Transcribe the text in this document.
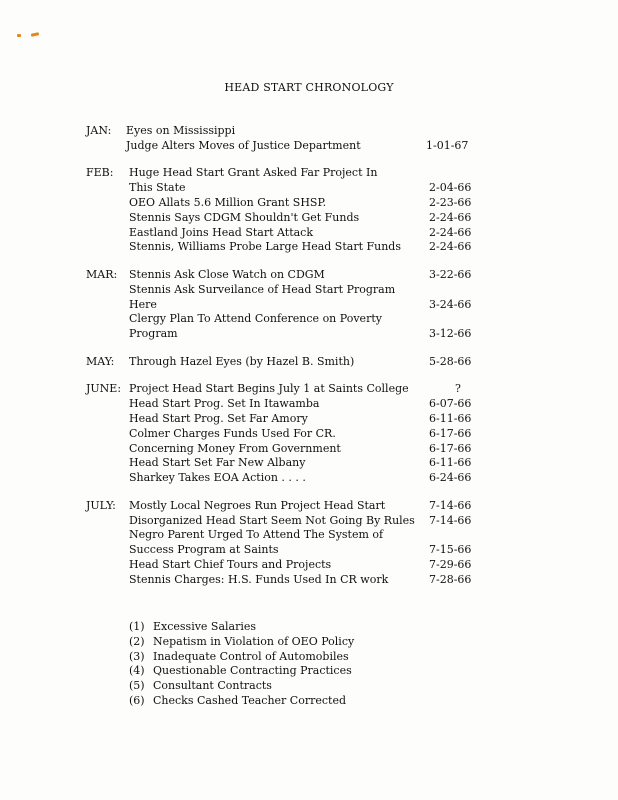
HEAD START CHRONOLOGY
JAN: Eyes on Mississippi
Judge Alters Moves of Justice Department	1-01-67
FEB: Huge Head Start Grant Asked Far Project In
This State	2-04-66
OEO Allats 5.6 Million Grant SHSP.	2-23-66
Stennis Says CDGM Shouldn't Get Funds	2-24-66
Eastland Joins Head Start Attack	2-24-66
Stennis, Williams Probe Large Head Start Funds	2-24-66
MAR: Stennis Ask Close Watch on CDGM	3-22-66
Stennis Ask Surveilance of Head Start Program
Here	3-24-66
Clergy Plan To Attend Conference on Poverty
Program	3-12-66
MAY: Through Hazel Eyes (by Hazel B. Smith)	5-28-66
JUNE: Project Head Start Begins July 1 at Saints College	?
Head Start Prog. Set In Itawamba	6-07-66
Head Start Prog. Set Far Amory	6-11-66
Colmer Charges Funds Used For CR.	6-17-66
Concerning Money From Government	6-17-66
Head Start Set Far New Albany	6-11-66
Sharkey Takes EOA Action . . . .	6-24-66
JULY: Mostly Local Negroes Run Project Head Start	7-14-66
Disorganized Head Start Seem Not Going By Rules	7-14-66
Negro Parent Urged To Attend The System of
Success Program at Saints	7-15-66
Head Start Chief Tours and Projects	7-29-66
Stennis Charges: H.S. Funds Used In CR work	7-28-66
(1) Excessive Salaries
(2) Nepatism in Violation of OEO Policy
(3) Inadequate Control of Automobiles
(4) Questionable Contracting Practices
(5) Consultant Contracts
(6) Checks Cashed Teacher Corrected
